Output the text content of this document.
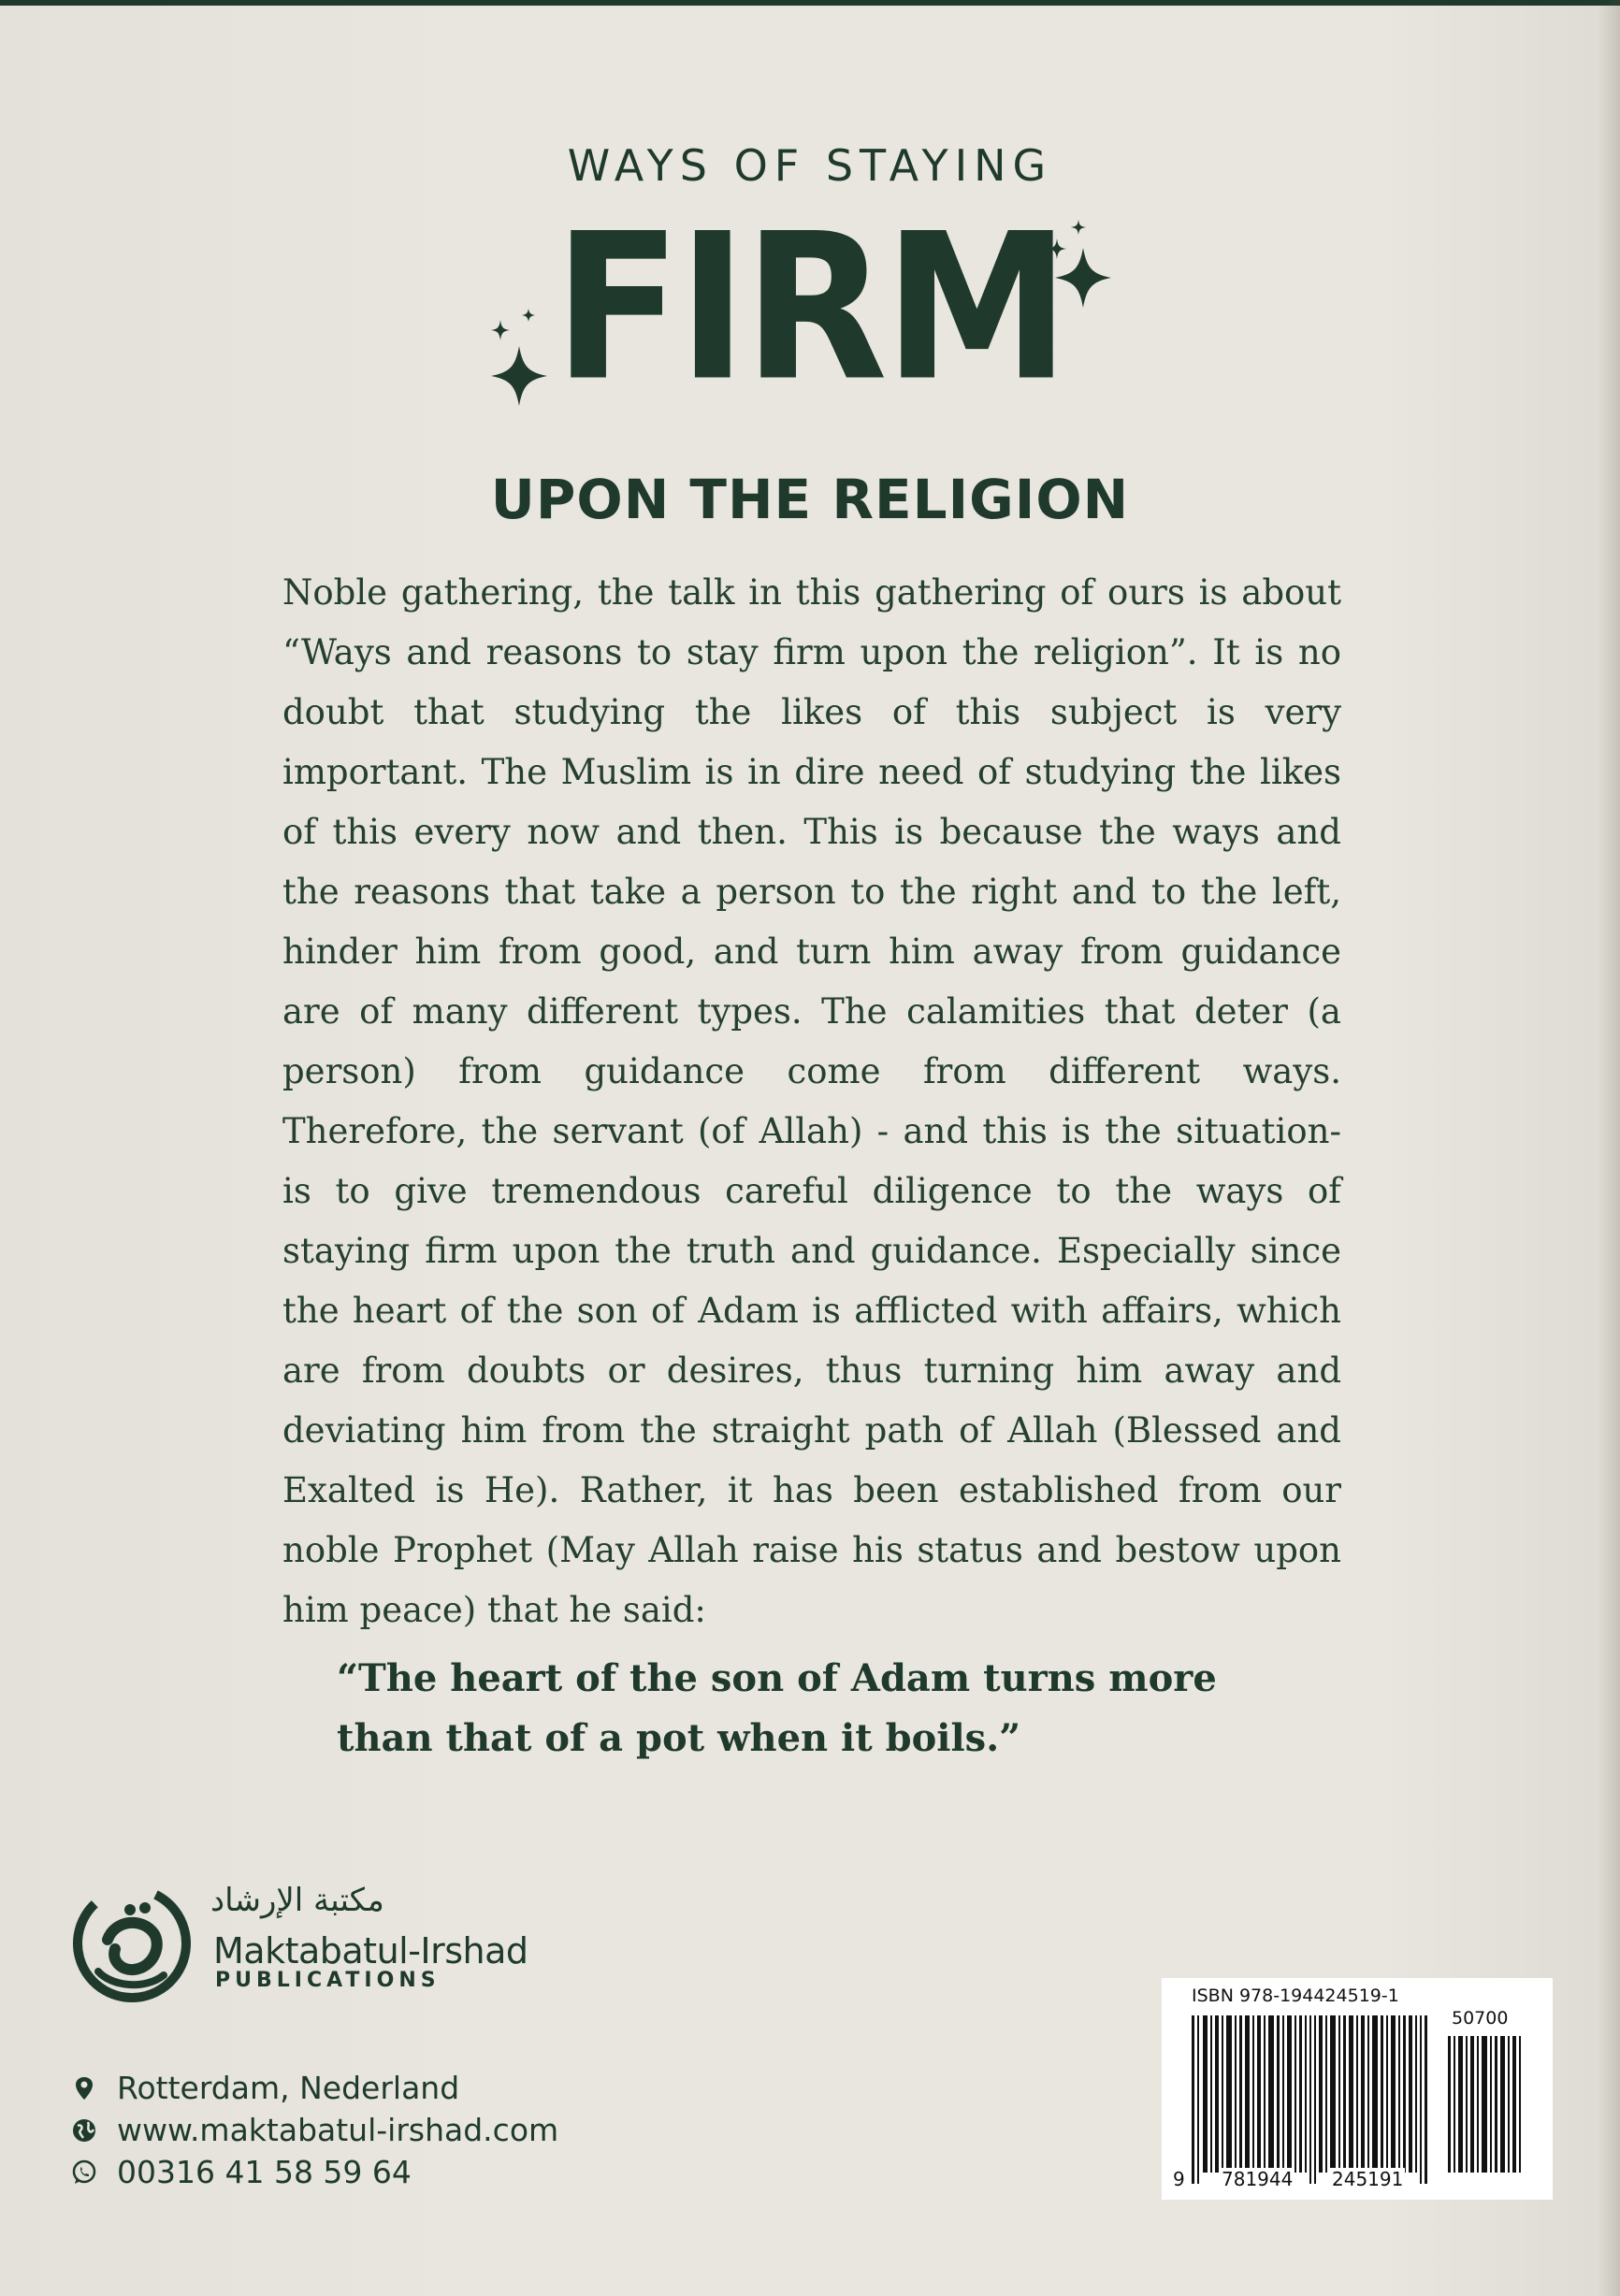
WAYS OF STAYING
FIRM
UPON THE RELIGION
Noble gathering, the talk in this gathering of ours is about “Ways and reasons to stay firm upon the religion”. It is no doubt that studying the likes of this subject is very important. The Muslim is in dire need of studying the likes of this every now and then. This is because the ways and the reasons that take a person to the right and to the left, hinder him from good, and turn him away from guidance are of many different types. The calamities that deter (a person) from guidance come from different ways. Therefore, the servant (of Allah) - and this is the situation- is to give tremendous careful diligence to the ways of staying firm upon the truth and guidance. Especially since the heart of the son of Adam is afflicted with affairs, which are from doubts or desires, thus turning him away and deviating him from the straight path of Allah (Blessed and Exalted is He). Rather, it has been established from our noble Prophet (May Allah raise his status and bestow upon him peace) that he said:
“The heart of the son of Adam turns more than that of a pot when it boils.”
مكتبة الإرشاد
Maktabatul-Irshad
PUBLICATIONS
Rotterdam, Nederland
www.maktabatul-irshad.com
00316 41 58 59 64
ISBN 978-194424519-1
50700
9 781944 245191
